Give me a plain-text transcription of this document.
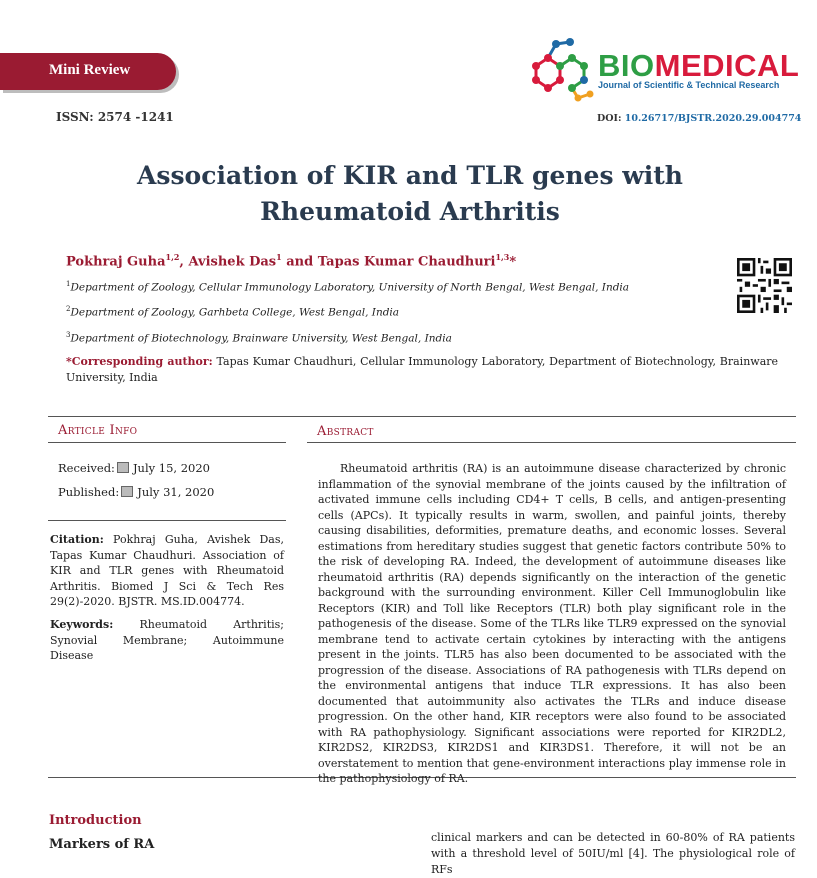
Mini Review	BIOMEDICAL
Journal of Scientific & Technical Research
ISSN: 2574 -1241	DOI: 10.26717/BJSTR.2020.29.004774
Association of KIR and TLR genes with
Rheumatoid Arthritis
Pokhraj Guha$^{1,2}$, Avishek Das$^1$ and Tapas Kumar Chaudhuri$^{1,3}$*
$^1$Department of Zoology, Cellular Immunology Laboratory, University of North Bengal, West Bengal, India
$^2$Department of Zoology, Garhbeta College, West Bengal, India
$^3$Department of Biotechnology, Brainware University, West Bengal, India
*Corresponding author: Tapas Kumar Chaudhuri, Cellular Immunology Laboratory, Department of Biotechnology, Brainware University, India
Article Info
Received: July 15, 2020
Published: July 31, 2020
Citation: Pokhraj Guha, Avishek Das, Tapas Kumar Chaudhuri. Association of KIR and TLR genes with Rheumatoid Arthritis. Biomed J Sci & Tech Res 29(2)-2020. BJSTR. MS.ID.004774.
Keywords: Rheumatoid Arthritis; Synovial Membrane; Autoimmune Disease
Abstract
Rheumatoid arthritis (RA) is an autoimmune disease characterized by chronic inflammation of the synovial membrane of the joints caused by the infiltration of activated immune cells including CD4+ T cells, B cells, and antigen-presenting cells (APCs). It typically results in warm, swollen, and painful joints, thereby causing disabilities, deformities, premature deaths, and economic losses. Several estimations from hereditary studies suggest that genetic factors contribute 50% to the risk of developing RA. Indeed, the development of autoimmune diseases like rheumatoid arthritis (RA) depends significantly on the interaction of the genetic background with the surrounding environment. Killer Cell Immunoglobulin like Receptors (KIR) and Toll like Receptors (TLR) both play significant role in the pathogenesis of the disease. Some of the TLRs like TLR9 expressed on the synovial membrane tend to activate certain cytokines by interacting with the antigens present in the joints. TLR5 has also been documented to be associated with the progression of the disease. Associations of RA pathogenesis with TLRs depend on the environmental antigens that induce TLR expressions. It has also been documented that autoimmunity also activates the TLRs and induce disease progression. On the other hand, KIR receptors were also found to be associated with RA pathophysiology. Significant associations were reported for KIR2DL2, KIR2DS2, KIR2DS3, KIR2DS1 and KIR3DS1. Therefore, it will not be an overstatement to mention that gene-environment interactions play immense role in the pathophysiology of RA.
Introduction
Markers of RA	clinical markers and can be detected in 60-80% of RA patients with a threshold level of 50IU/ml [4]. The physiological role of RFs
